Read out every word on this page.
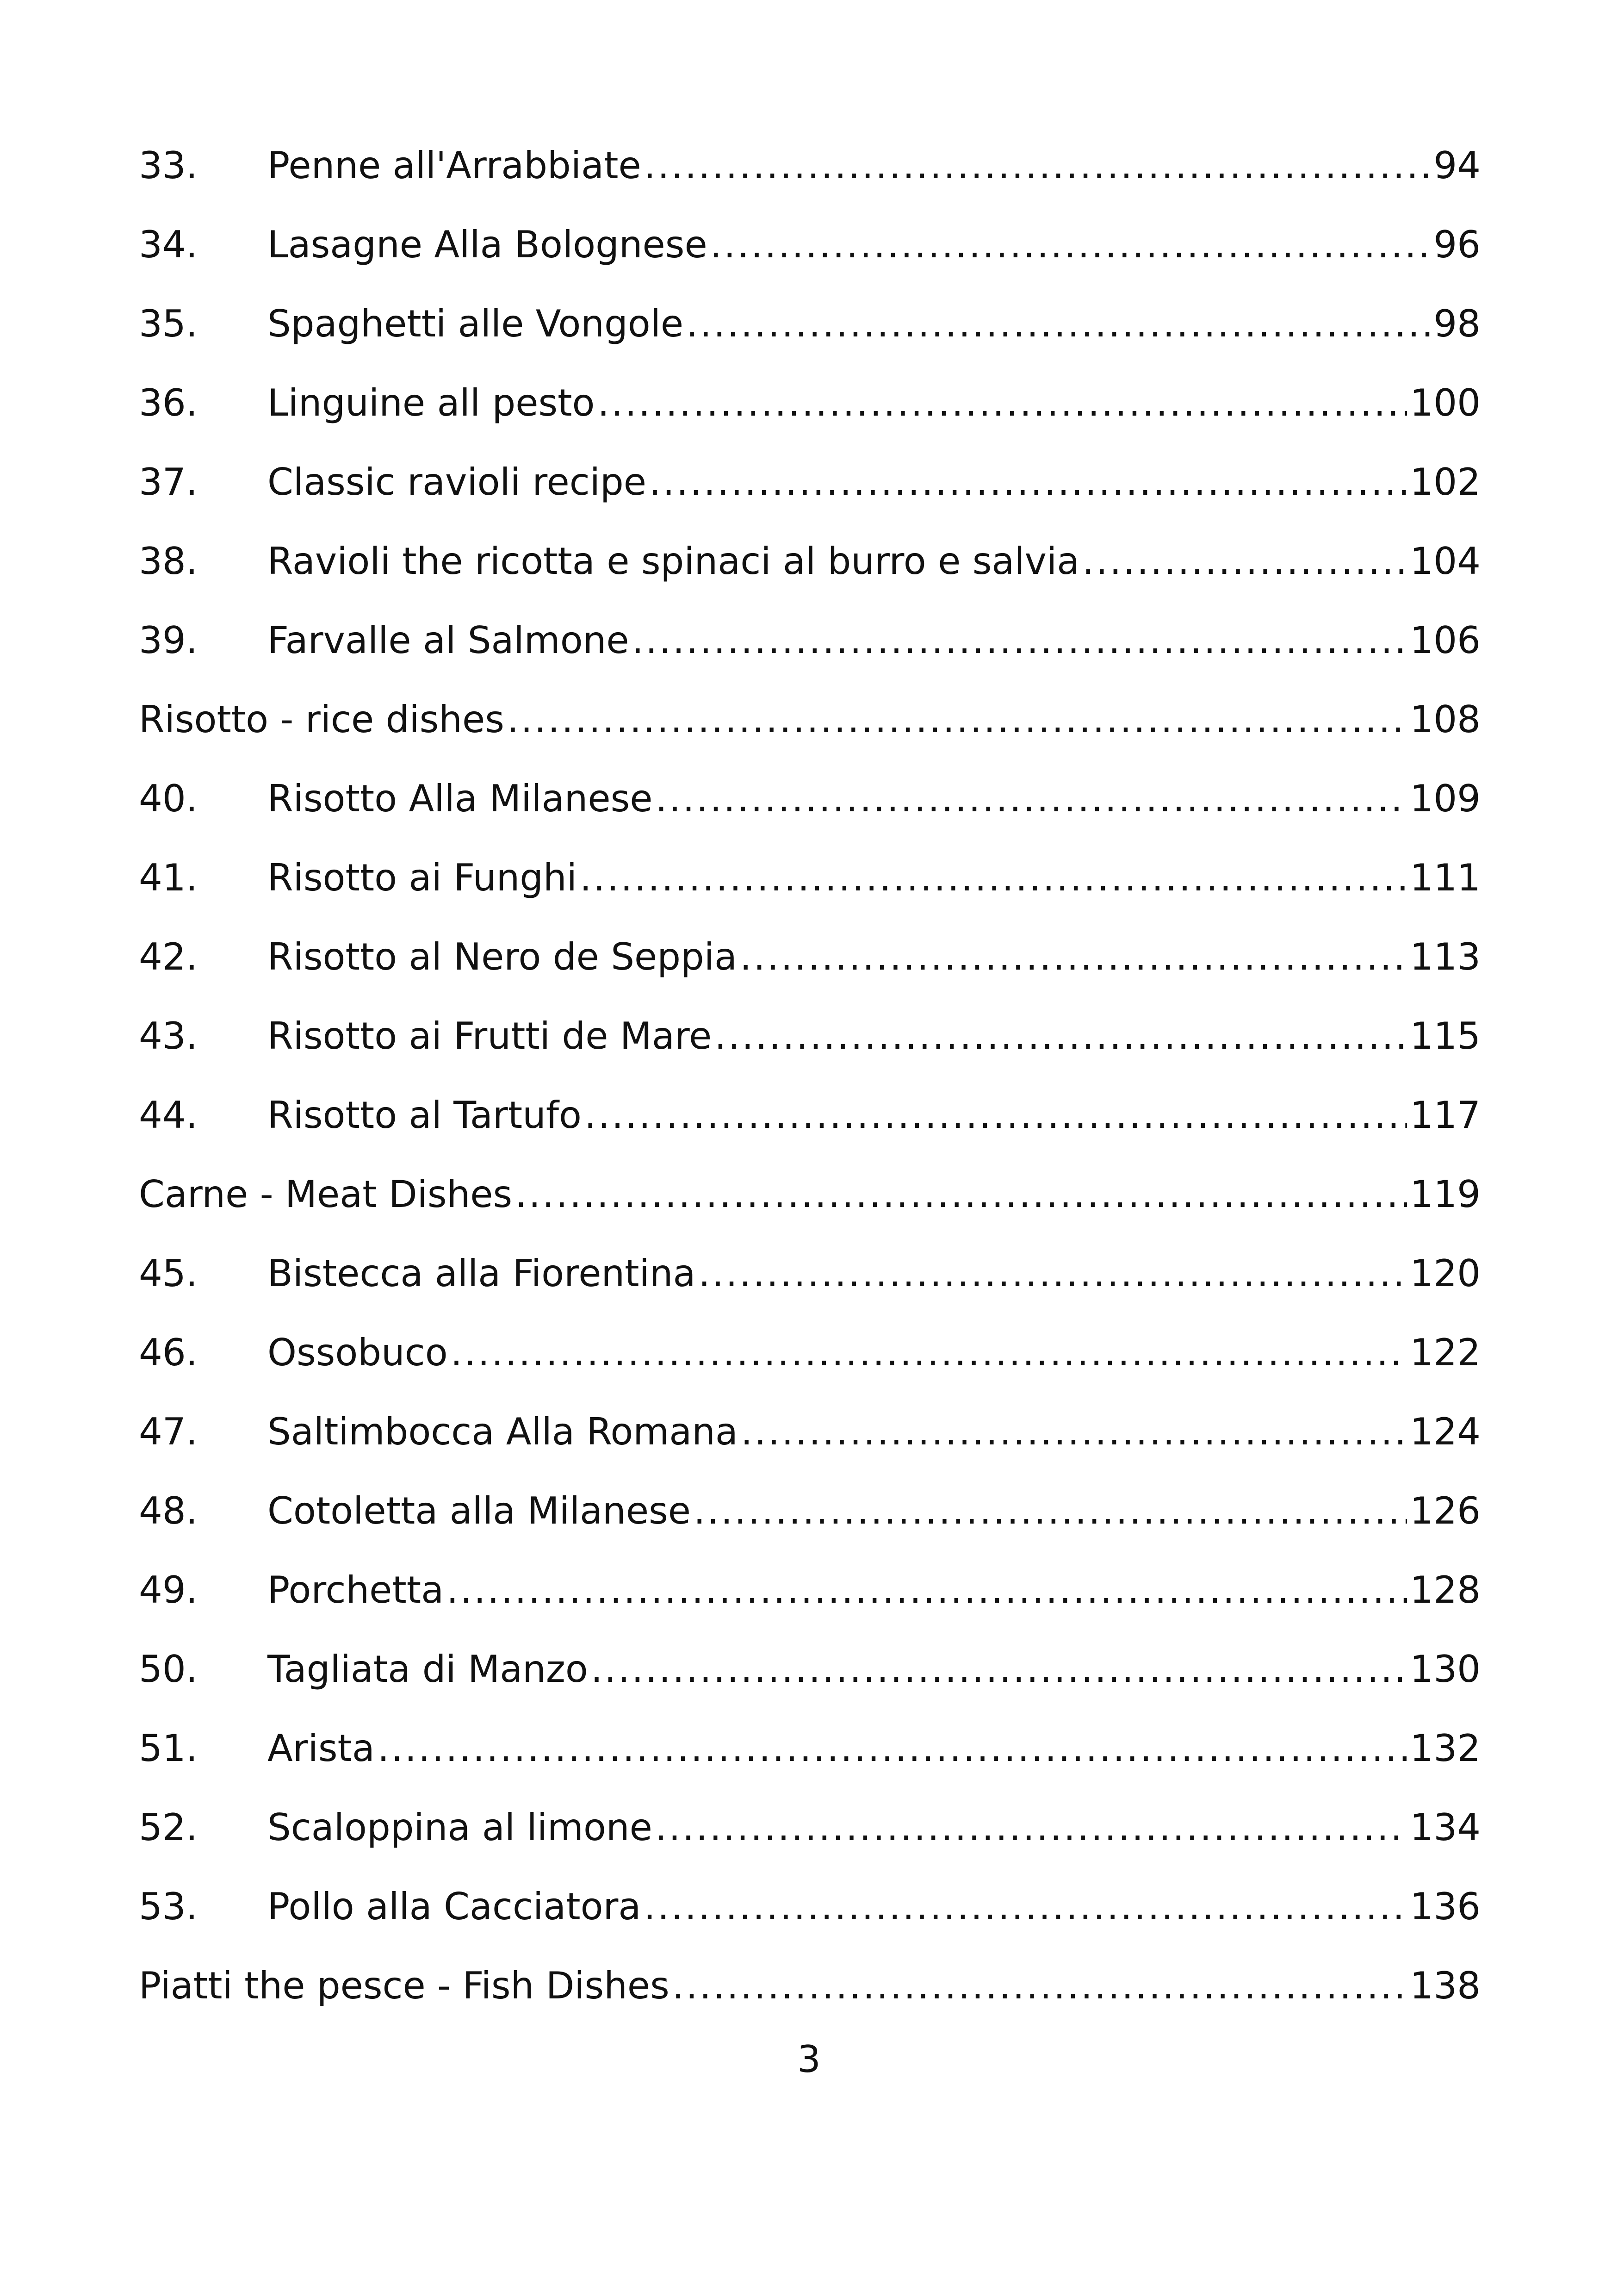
33.	Penne all'Arrabbiate .....	94
34.	Lasagne Alla Bolognese .....	96
35.	Spaghetti alle Vongole .....	98
36.	Linguine all pesto .....	100
37.	Classic ravioli recipe .....	102
38.	Ravioli the ricotta e spinaci al burro e salvia .....	104
39.	Farvalle al Salmone .....	106
Risotto - rice dishes .....	108
40.	Risotto Alla Milanese .....	109
41.	Risotto ai Funghi .....	111
42.	Risotto al Nero de Seppia .....	113
43.	Risotto ai Frutti de Mare .....	115
44.	Risotto al Tartufo .....	117
Carne - Meat Dishes .....	119
45.	Bistecca alla Fiorentina .....	120
46.	Ossobuco .....	122
47.	Saltimbocca Alla Romana .....	124
48.	Cotoletta alla Milanese .....	126
49.	Porchetta .....	128
50.	Tagliata di Manzo .....	130
51.	Arista .....	132
52.	Scaloppina al limone .....	134
53.	Pollo alla Cacciatora .....	136
Piatti the pesce - Fish Dishes .....	138
3
